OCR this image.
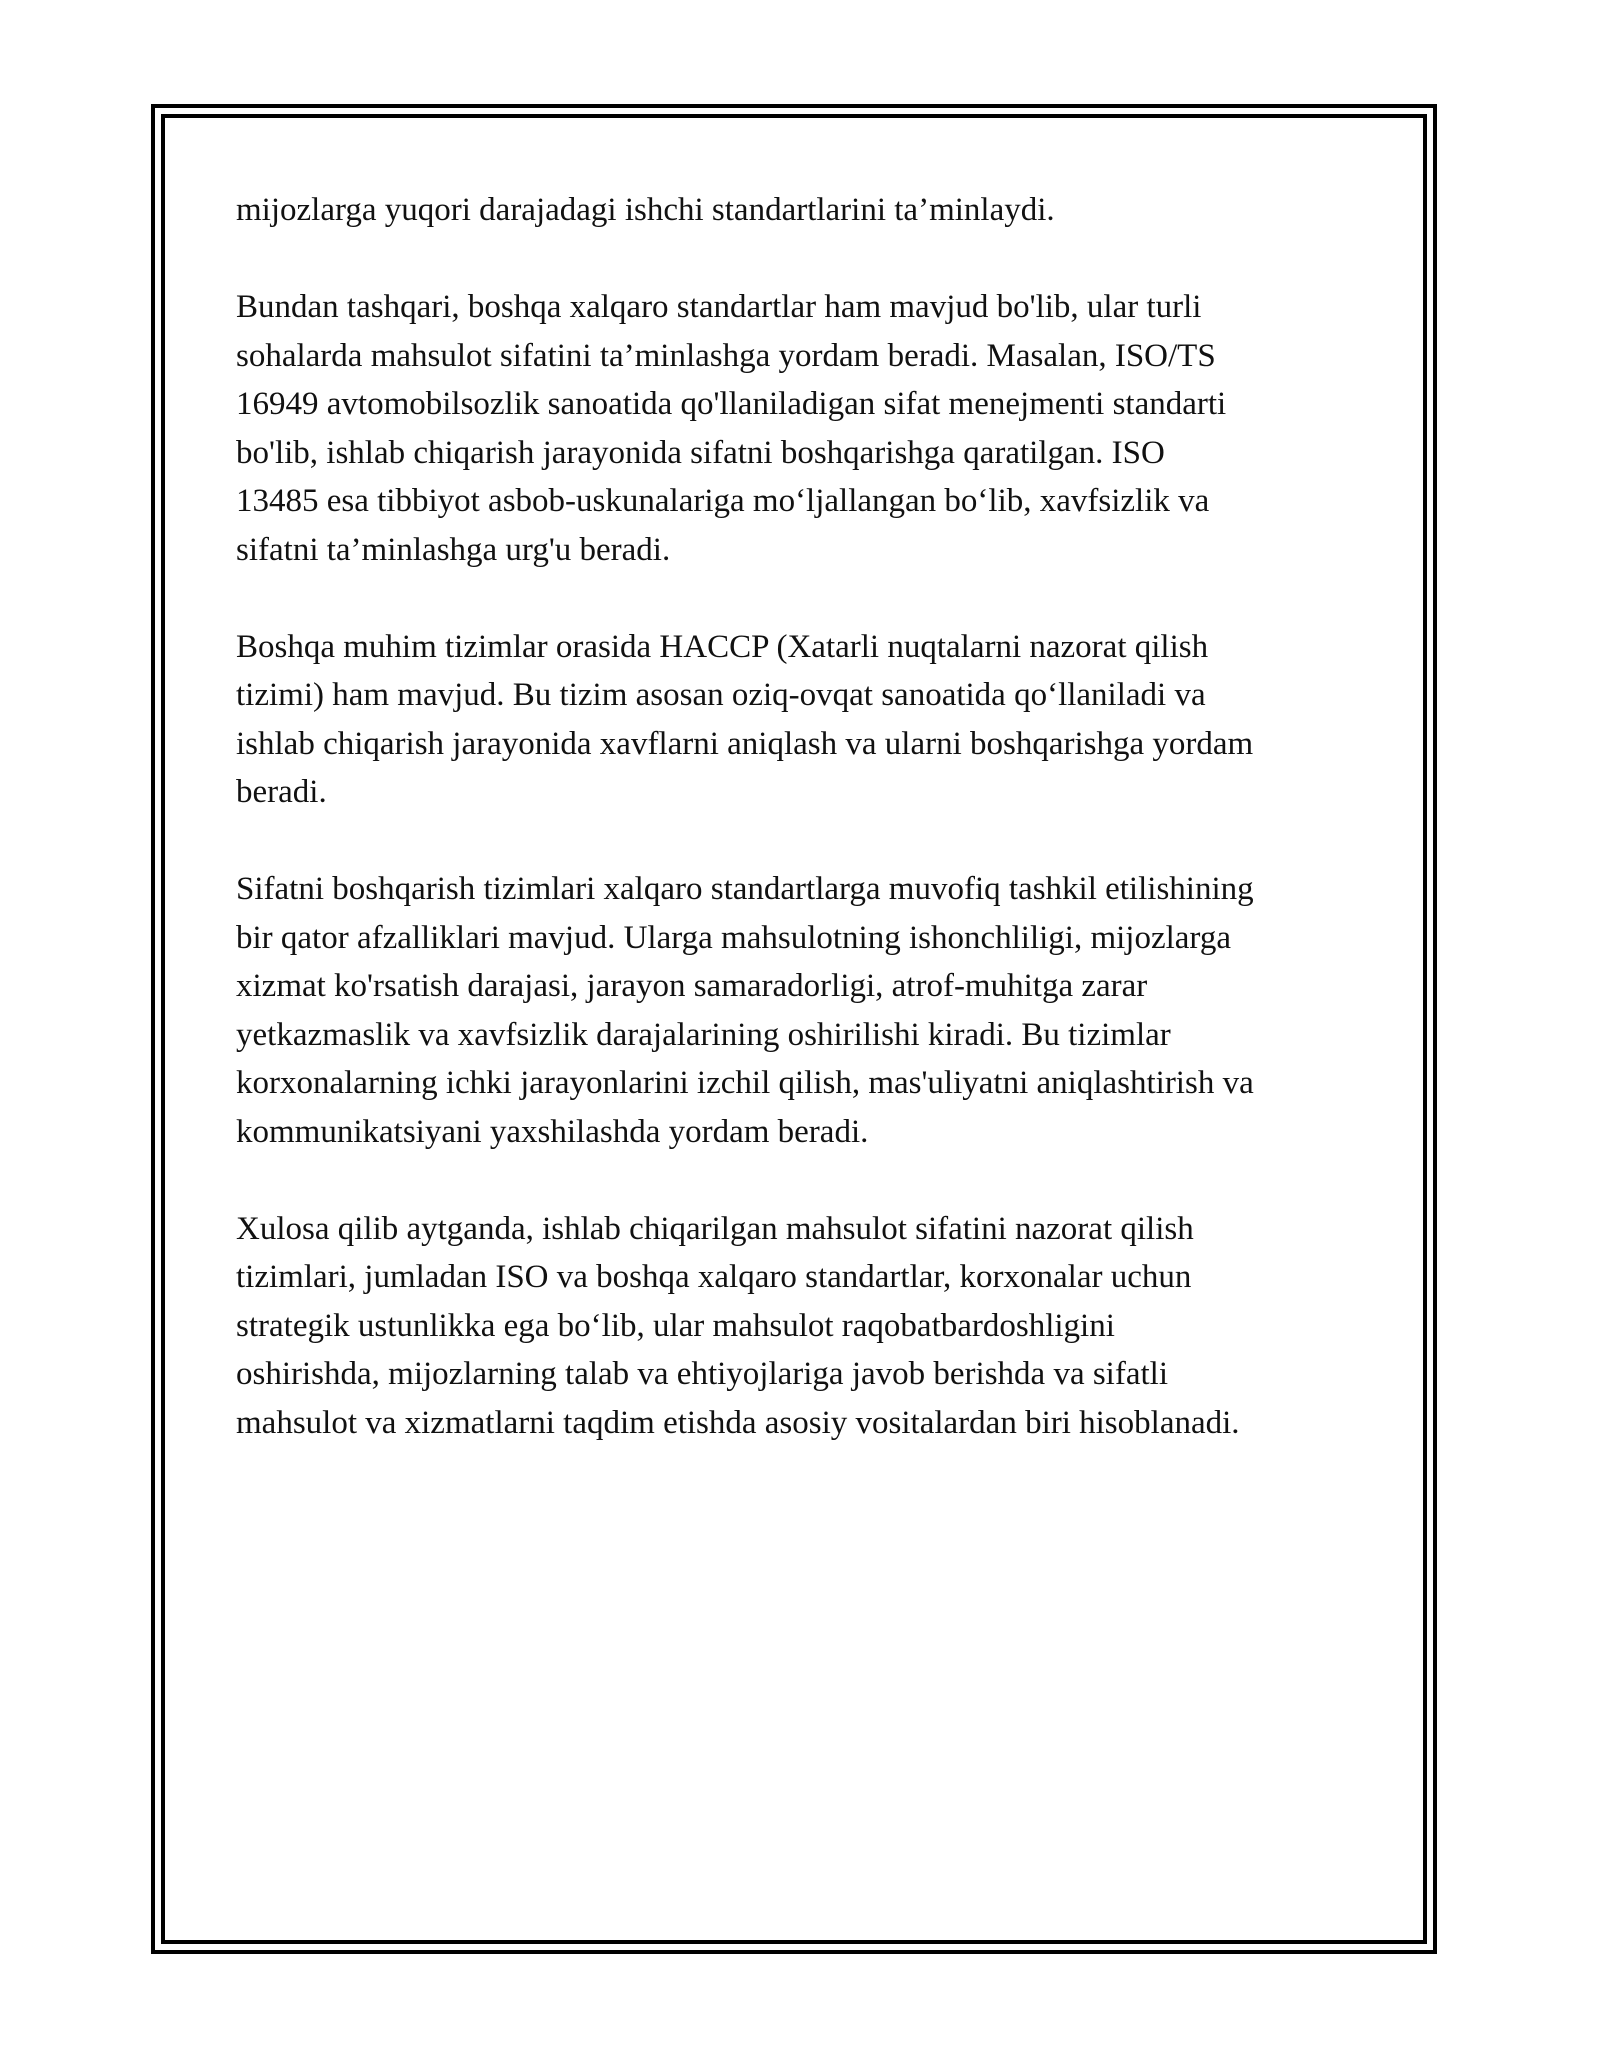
mijozlarga yuqori darajadagi ishchi standartlarini ta’minlaydi.

Bundan tashqari, boshqa xalqaro standartlar ham mavjud bo'lib, ular turli
sohalarda mahsulot sifatini ta’minlashga yordam beradi. Masalan, ISO/TS
16949 avtomobilsozlik sanoatida qo'llaniladigan sifat menejmenti standarti
bo'lib, ishlab chiqarish jarayonida sifatni boshqarishga qaratilgan. ISO
13485 esa tibbiyot asbob-uskunalariga mo‘ljallangan bo‘lib, xavfsizlik va
sifatni ta’minlashga urg'u beradi.

Boshqa muhim tizimlar orasida HACCP (Xatarli nuqtalarni nazorat qilish
tizimi) ham mavjud. Bu tizim asosan oziq-ovqat sanoatida qo‘llaniladi va
ishlab chiqarish jarayonida xavflarni aniqlash va ularni boshqarishga yordam
beradi.

Sifatni boshqarish tizimlari xalqaro standartlarga muvofiq tashkil etilishining
bir qator afzalliklari mavjud. Ularga mahsulotning ishonchliligi, mijozlarga
xizmat ko'rsatish darajasi, jarayon samaradorligi, atrof-muhitga zarar
yetkazmaslik va xavfsizlik darajalarining oshirilishi kiradi. Bu tizimlar
korxonalarning ichki jarayonlarini izchil qilish, mas'uliyatni aniqlashtirish va
kommunikatsiyani yaxshilashda yordam beradi.

Xulosa qilib aytganda, ishlab chiqarilgan mahsulot sifatini nazorat qilish
tizimlari, jumladan ISO va boshqa xalqaro standartlar, korxonalar uchun
strategik ustunlikka ega bo‘lib, ular mahsulot raqobatbardoshligini
oshirishda, mijozlarning talab va ehtiyojlariga javob berishda va sifatli
mahsulot va xizmatlarni taqdim etishda asosiy vositalardan biri hisoblanadi.
